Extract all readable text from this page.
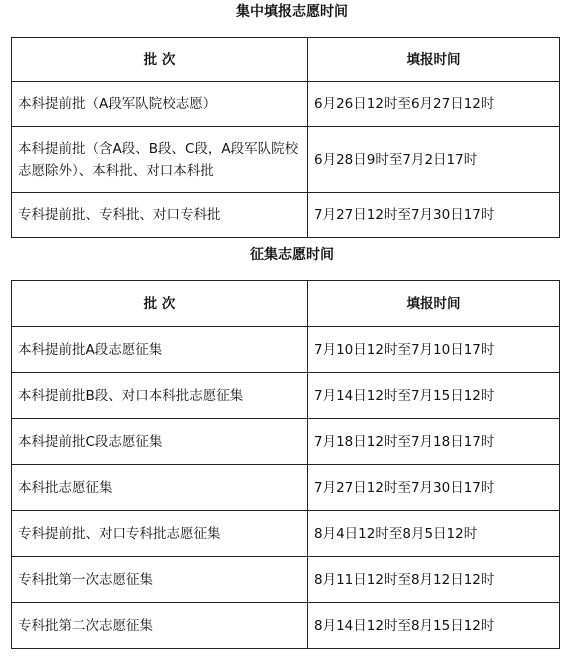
集中填报志愿时间
批 次	填报时间
本科提前批（A段军队院校志愿）	6月26日12时至6月27日12时
本科提前批（含A段、B段、C段，A段军队院校志愿除外）、本科批、对口本科批	6月28日9时至7月2日17时
专科提前批、专科批、对口专科批	7月27日12时至7月30日17时
征集志愿时间
批 次	填报时间
本科提前批A段志愿征集	7月10日12时至7月10日17时
本科提前批B段、对口本科批志愿征集	7月14日12时至7月15日12时
本科提前批C段志愿征集	7月18日12时至7月18日17时
本科批志愿征集	7月27日12时至7月30日17时
专科提前批、对口专科批志愿征集	8月4日12时至8月5日12时
专科批第一次志愿征集	8月11日12时至8月12日12时
专科批第二次志愿征集	8月14日12时至8月15日12时
